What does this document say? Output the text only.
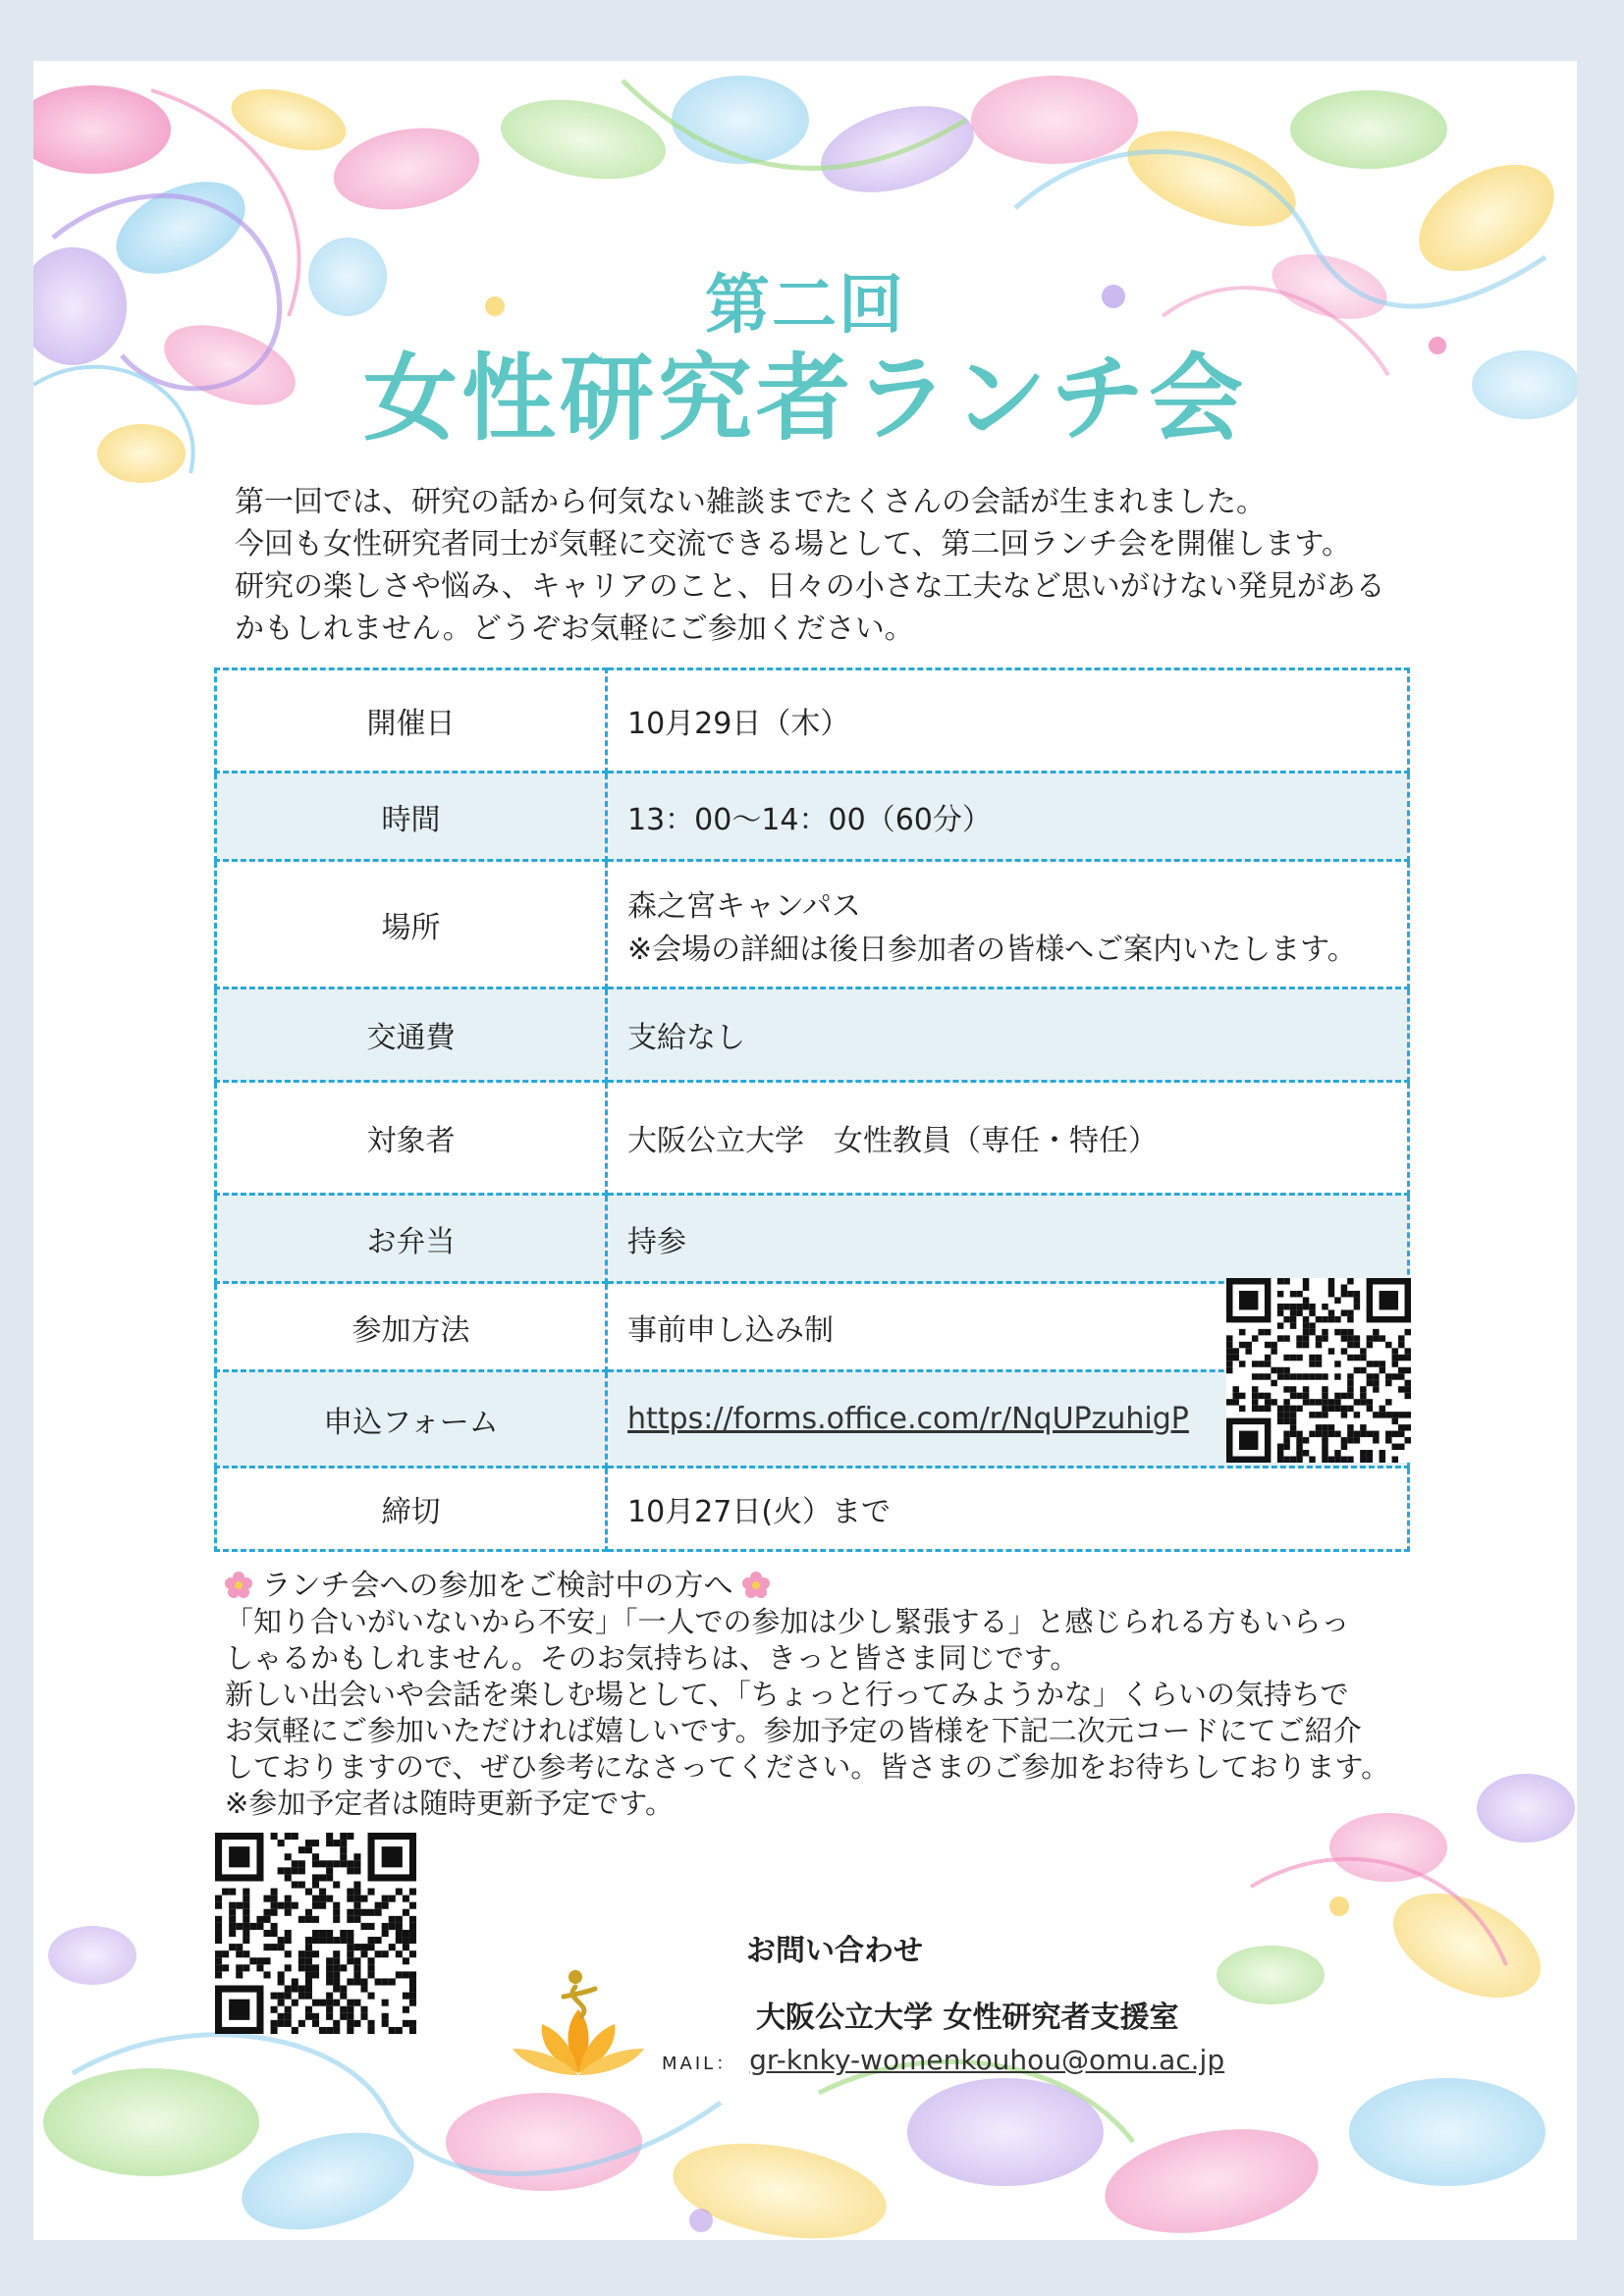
第二回
女性研究者ランチ会

第一回では、研究の話から何気ない雑談までたくさんの会話が生まれました。

今回も女性研究者同士が気軽に交流できる場として、第二回ランチ会を開催します。

研究の楽しさや悩み、キャリアのこと、日々の小さな工夫など思いがけない発見がある

かもしれません。どうぞお気軽にご参加ください。

開催日	10月29日（木）
時間	13：00～14：00（60分）
場所	森之宮キャンパス
※会場の詳細は後日参加者の皆様へご案内いたします。

交通費	支給なし
対象者	大阪公立大学　女性教員（専任・特任）
お弁当	持参
参加方法	事前申し込み制
申込フォーム	https://forms.office.com/r/NqUPzuhigP
締切	10月27日(火）まで

ランチ会への参加をご検討中の方へ

「知り合いがいないから不安」「一人での参加は少し緊張する」と感じられる方もいらっ

しゃるかもしれません。そのお気持ちは、きっと皆さま同じです。

新しい出会いや会話を楽しむ場として、「ちょっと行ってみようかな」くらいの気持ちで

お気軽にご参加いただければ嬉しいです。参加予定の皆様を下記二次元コードにてご紹介

しておりますので、ぜひ参考になさってください。皆さまのご参加をお待ちしております。

※参加予定者は随時更新予定です。

お問い合わせ
大阪公立大学 女性研究者支援室
MAIL： gr-knky-womenkouhou@omu.ac.jp
